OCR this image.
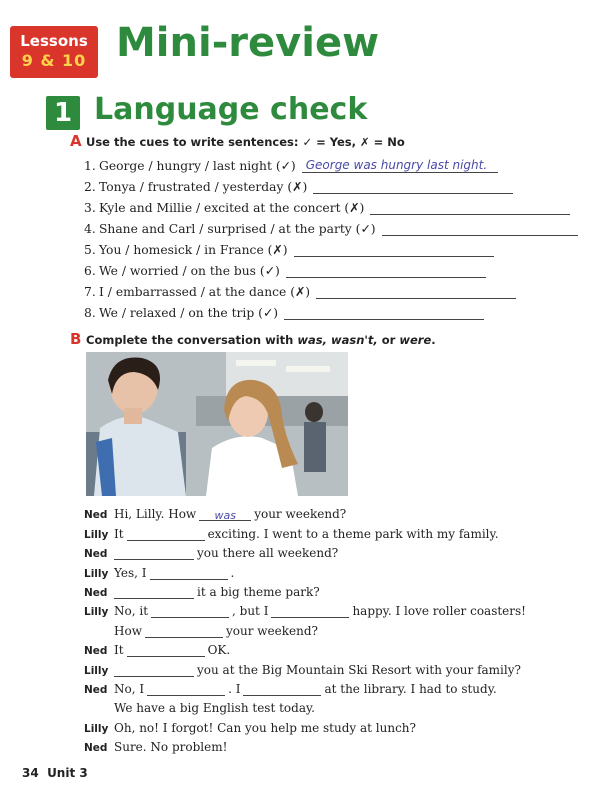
Lessons
9 & 10 Mini-review
1 Language check
A Use the cues to write sentences: ✓ = Yes, ✗ = No
1. George / hungry / last night (✓) George was hungry last night.
2. Tonya / frustrated / yesterday (✗)
3. Kyle and Millie / excited at the concert (✗)
4. Shane and Carl / surprised / at the party (✓)
5. You / homesick / in France (✗)
6. We / worried / on the bus (✓)
7. I / embarrassed / at the dance (✗)
8. We / relaxed / on the trip (✓)
B Complete the conversation with was, wasn't, or were.
Ned Hi, Lilly. How	was	your weekend?
Lilly It	exciting. I went to a theme park with my family.
Ned	you there all weekend?
Lilly Yes, I	.
Ned	it a big theme park?
Lilly No, it	, but I	happy. I love roller coasters!
How	your weekend?
Ned It	OK.
Lilly	you at the Big Mountain Ski Resort with your family?
Ned No, I	. I	at the library. I had to study.
We have a big English test today.
Lilly Oh, no! I forgot! Can you help me study at lunch?
Ned Sure. No problem!
34 Unit 3
